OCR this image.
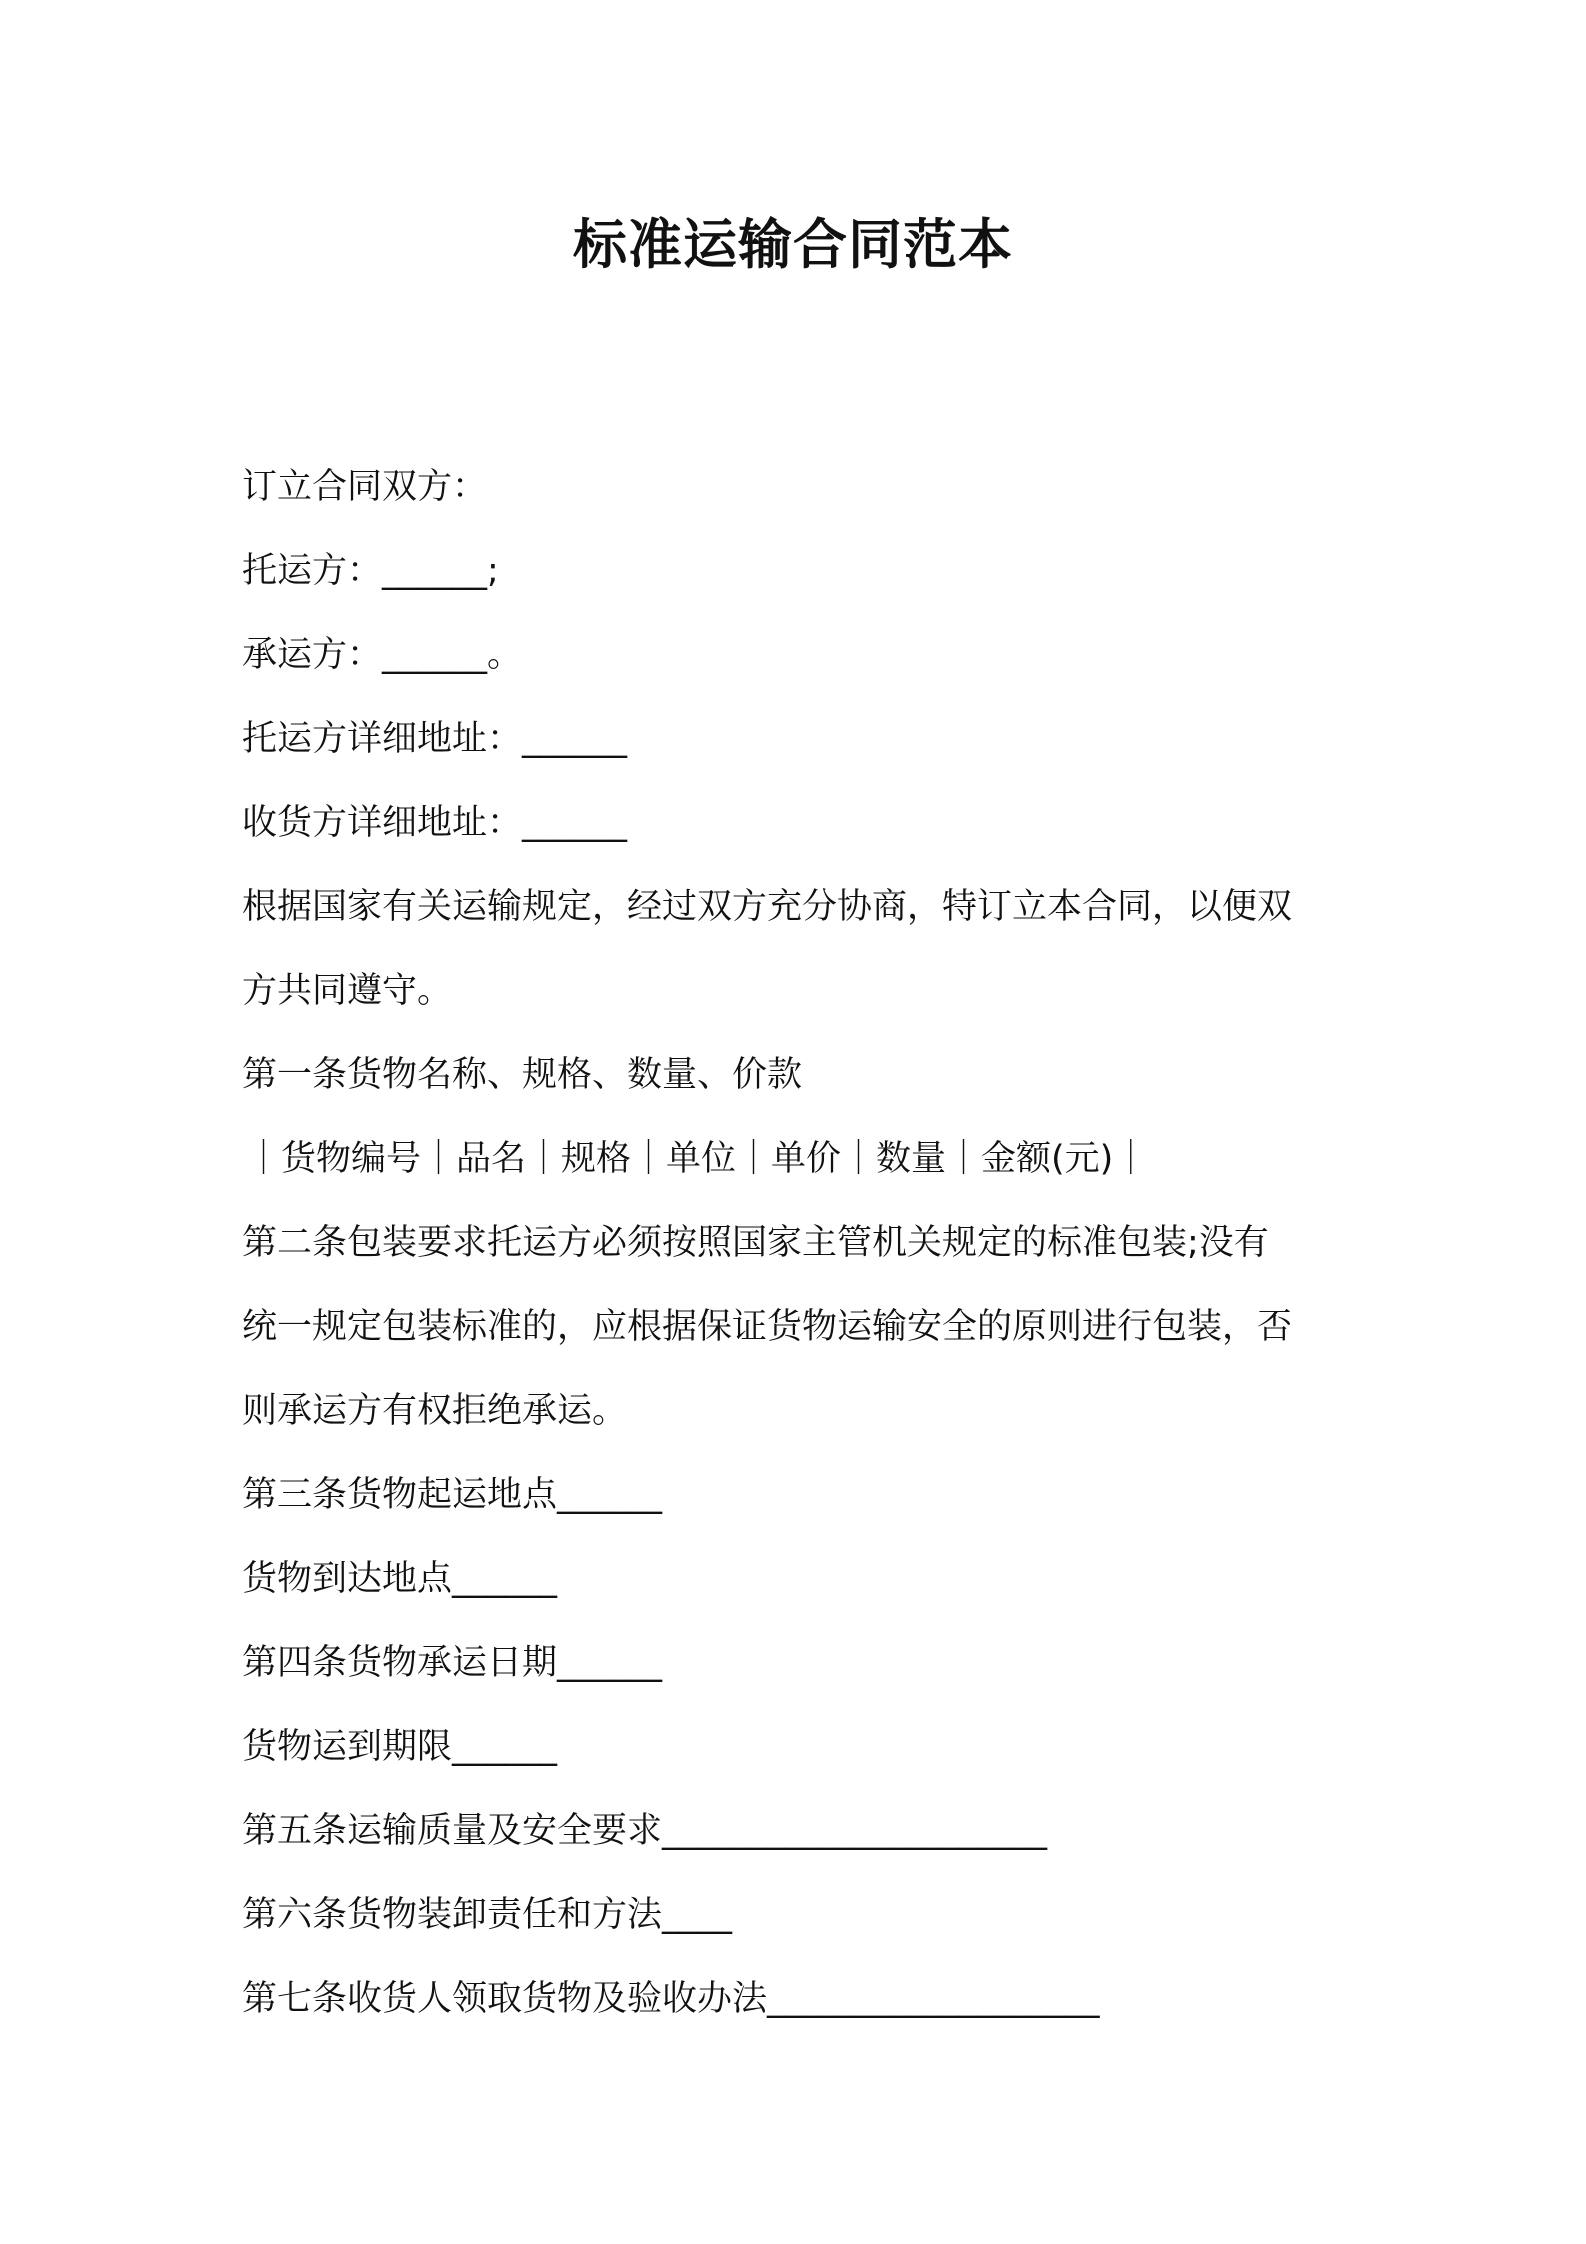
标准运输合同范本
订立合同双方：
托运方：______;
承运方：______。
托运方详细地址：______
收货方详细地址：______
根据国家有关运输规定，经过双方充分协商，特订立本合同，以便双
方共同遵守。
第一条货物名称、规格、数量、价款
｜货物编号｜品名｜规格｜单位｜单价｜数量｜金额(元)｜
第二条包装要求托运方必须按照国家主管机关规定的标准包装;没有
统一规定包装标准的，应根据保证货物运输安全的原则进行包装，否
则承运方有权拒绝承运。
第三条货物起运地点______
货物到达地点______
第四条货物承运日期______
货物运到期限______
第五条运输质量及安全要求______________________
第六条货物装卸责任和方法____
第七条收货人领取货物及验收办法___________________
